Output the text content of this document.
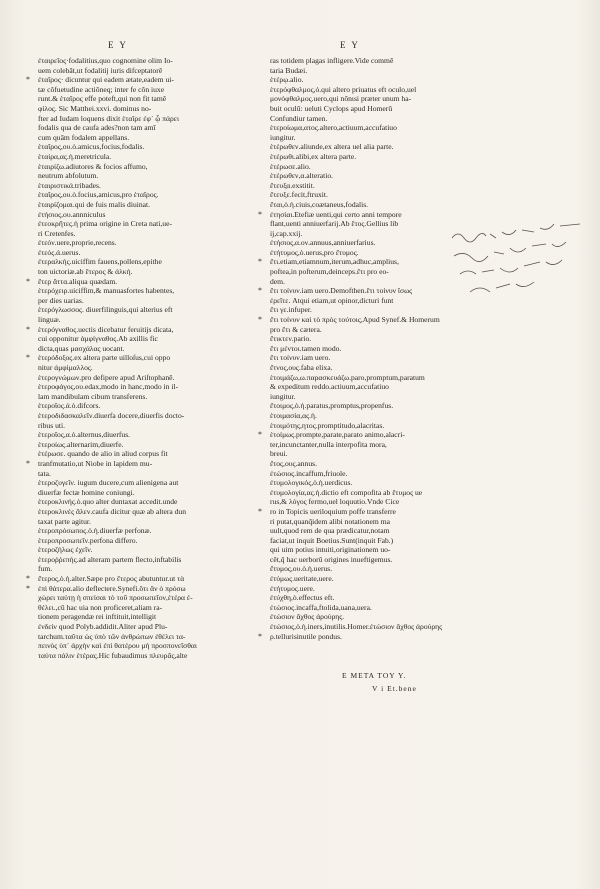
E Y	E Y
ἐταιρεῖος·fodalitius,quo cognomine olim Io-
uem colebāt,ut fodalitij iuris difceptatorē
* ἐταῖρος· dicuntur qui eadem ætate,eadem ui-
tæ cõfuetudine actiõneq; inter fe cõn iuxe
runt.& ἑταῖρος effe poteft,qui non fit tamẽ
φίλος. Sic Matthei.xxvi. dominus no-
fter ad Iudam loquens dixit ἑταῖρε ἐφ᾽ ᾧ πάρει
fodalis qua de caufa ades?non tam amī
cum quām fodalem appellans.
ἑταῖρος,ου.ὁ.amicus,focius,fodalis.
ἑταίρα,ας.ἡ.meretricula.
ἑταιρίζω.adiutores & focios affumo,
neutrum abfolutum.
ἑταιριστικά.tribades.
ἑταῖρος,ου.ὁ.focius,amicus,pro ἑταῖρος.
ἑταιρίζομαι.qui de fuis malis diuinat.
ἐτήσιος,ου.annniculus
ἐτεοκρῆτες.ἡ prima origine in Creta nati,ue-
ri Cretenfes.
ἐτεόν.uere,proprie,recens.
ἐτεός.ά.uerus.
ἐτεραλκής.uiciffim fauens,pollens,epithe
ton uictoriæ.ab ἕτερος & ἀλκή.
* ἕτερ ἄττα.aliqua quædam.
ἑτερόχειρ.uiciffim,& manuasfortes habentes,
per dies uarias.
ἑτερόγλωσσος. diuerfilinguis,qui alterius eft
linguæ.
* ἑτερόγναθος.uectis dicebatur feruitijs dicata,
cui opponitur ἀμφίγναθος.Ab axillis fic
dicta,quas μασχάλας uocant.
* ἑτερόδοξος.ex altera parte uilloſus,cui oppo
nitur ἀμφίμαλλος.
ἑτερογνώμων.pro defipere apud Ariſtophanē.
ἑτεροφάγος,ου.edax,modo in hanc,modo in il-
lam mandibulam cibum transferens.
ἑτεροῖος.ά.ὁ.difcors.
ἑτεροδιδασκαλεῖν.diuerfa docere,diuerfis docto-
ribus uti.
ἑτεροῖος,α.ὁ.alternus,diuerfus.
ἑτεροίως.alternarim,diuerfe.
ἑτέρωσε. quando de alio in aliud corpus fit
* tranfmutatio,ut Niobe in lapidem mu-
tata.
ἑτεροζυγεῖν. iugum ducere,cum alienigena aut
diuerfæ fectæ homine coniungi.
ἑτεροκλινής.ὁ.quo alter duntaxat accedit.unde
ἑτεροκλινὲς ἄλεν.caufa dicitur quæ ab altera dun
taxat parte agitur.
ἑτεροπρόσωπος.ὁ.ἡ.diuerfæ perfonæ.
ἑτεροπροσωπεῖν.perfona differo.
ἑτεροζήλως ἐχεῖν.
ἑτεροῤῥεπής.ad alteram partem flecto,inftabilis
fum.
* ἕτερος,ὁ.ἡ.alter.Sæpe pro ἕτερος abutuntur.ut τὰ
* ἐπὶ θάτερα.alio deflectere.Synefi.ὅτι ἂν ὁ πρόσω
χώρει ταύτῃ ἡ σπείσαι τὸ τοῦ προσωπεῖον,ἑτέρα ἐ-
θέλει.,cū hac uia non proficeret,aliam ra-
tionem peragendæ rei inftituit,intelligit
ἐνδείν quod Polyb.addidit.Aliter apud Plu-
tarchum.ταῦτα ὡς ὑπὸ τῶν ἀνθρώπων ἐθέλει τα-
πεινὸς ὑπ᾽ ἀρχὴν καὶ ἐπὶ θατέρου μὴ προσπονεῖσθαι
ταύτα πάλιν ἑτέρας.Hic fubaudimus πλευρᾶς,alte
ras totidem plagas infligere.Vide commẽ
taria Budæi.
ἑτέρῳ.alio.
ἑτερόφθαλμος,ὁ.qui altero priuatus eft oculo,uel
μονόφθαλμος.uero,qui nõnιsi præter unum ha-
buit oculū: ueluti Cyclops apud Homerū
Confundiur tamen.
ἑτεροίωμα,ατος.altero,actiuum,accufatiuo
iungitur.
ἑτέρωθεν.aliunde,ex altera uel alia parte.
ἑτέρωθι.alibi,ex altera parte.
ἑτέρωσε.alio.
ἑτέρωθεν,α.alteratio.
ἔτευξα.exstitit.
ἔτευξε.fecit,ftruxit.
ἔται,ὁ.ἡ.ciuis,coætaneus,fodalis.
* ἐτησίαι.Etefiæ uenti,qui certo anni tempore
flant,uenti anniuerfarij.Ab ἔτος.Gellius lib
ij,cap.xxij.
ἐτήσιος,α.ον.annuus,anniuerfarius.
ἐτήτυμος,ὁ.uerus,pro ἔτυμος.
* ἔτι.etiam,etiamnum,iterum,adhuc,amplius,
poftea,in pofterum,deinceps.ἔτι pro eo-
dem.
* ἔτι τοίνυν.iam uero.Demofthen.ἔτι τοίνυν ἴσως
ἐρεῖτε. Atqui etiam,ut opinor,dicturi funt
ἔτι γε.infuper.
* ἔτι τοίνυν καὶ τὸ πρὸς τούτοις,Apud Synef.& Homerum
pro ἔτι & cætera.
ἔτικτεν.pario.
ἔτι μέντοι.tamen modo.
ἔτι τοίνυν.iam uero.
ἔτνος,ους.faba elixa.
ἑτοιμάζω,ω.παρασκευάζω.paro,promptum,paratum
& expeditum reddo.actiuum,accufatiuo
iungitur.
ἕτοιμος,ὁ.ἡ.paratus,promptus,propenfus.
ἑτοιμασία,ας.ἡ.
ἑτοιμότης,ητος.promptitudo,alacritas.
* ἑτοίμως.prompte,parate,parato animo,alacri-
ter,incunctanter,nulla interpofita mora,
breui.
ἔτος,ους.annus.
ἐτώσιος.incaffum,friuole.
ἐτυμολογικός,ὁ.ἡ.uerdicus.
ἐτυμολογία,ας.ἡ.dictio eft compofita ab ἔτυμος ue
rus,& λόγος fermo,uel loquutio.Vnde Cice
* ro in Topicis ueriloquium poffe transferre
ri putat,quanq̃idem alibi notationem ma
uult,quod rem de qua prædicatur,notam
faciat,ut inquit Boetius.Sunt(inquit Fab.)
qui uim potius intuiti,originationem uo-
cẽt,q̃ hac uerborū origines inueftigemus.
ἔτυμος,ου.ὁ.ἡ.uerus.
ἐτύμως.ueritate,uere.
ἐτήτυμος.uere.
ἐτύχθη,ὁ.effectus eft.
ἐτώσιος.incaffa,ftolida,uana,uera.
ἐτώσιον ἄχθος ἀρούρης.
ἐτώσιος,ὁ.ἡ.iners,inutilis.Homer.ἐτώσιον ἄχθος ἀρούρης
* ρ.tellurisinutile pondus.
E META TOY Y.
V i Et.bene
